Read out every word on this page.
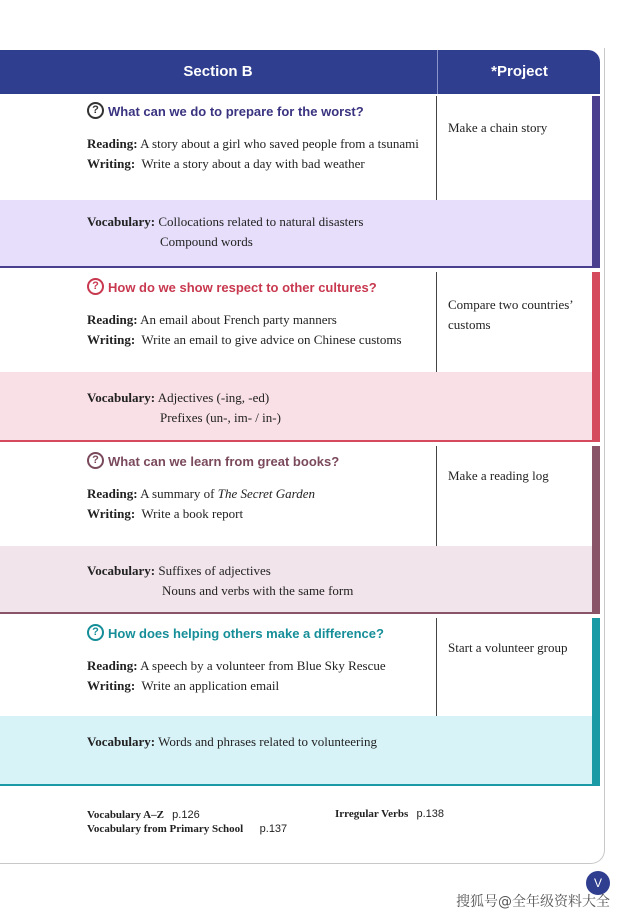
Section B	*Project
? What can we do to prepare for the worst?
Reading: A story about a girl who saved people from a tsunami
Writing: Write a story about a day with bad weather
Vocabulary: Collocations related to natural disasters
Compound words
Make a chain story
? How do we show respect to other cultures?
Reading: An email about French party manners
Writing: Write an email to give advice on Chinese customs
Vocabulary: Adjectives (-ing, -ed)
Prefixes (un-, im- / in-)
Compare two countries’ customs
? What can we learn from great books?
Reading: A summary of The Secret Garden
Writing: Write a book report
Vocabulary: Suffixes of adjectives
Nouns and verbs with the same form
Make a reading log
? How does helping others make a difference?
Reading: A speech by a volunteer from Blue Sky Rescue
Writing: Write an application email
Vocabulary: Words and phrases related to volunteering
Start a volunteer group
Vocabulary A–Z p.126	Irregular Verbs p.138
Vocabulary from Primary School p.137
V
搜狐号@全年级资料大全
